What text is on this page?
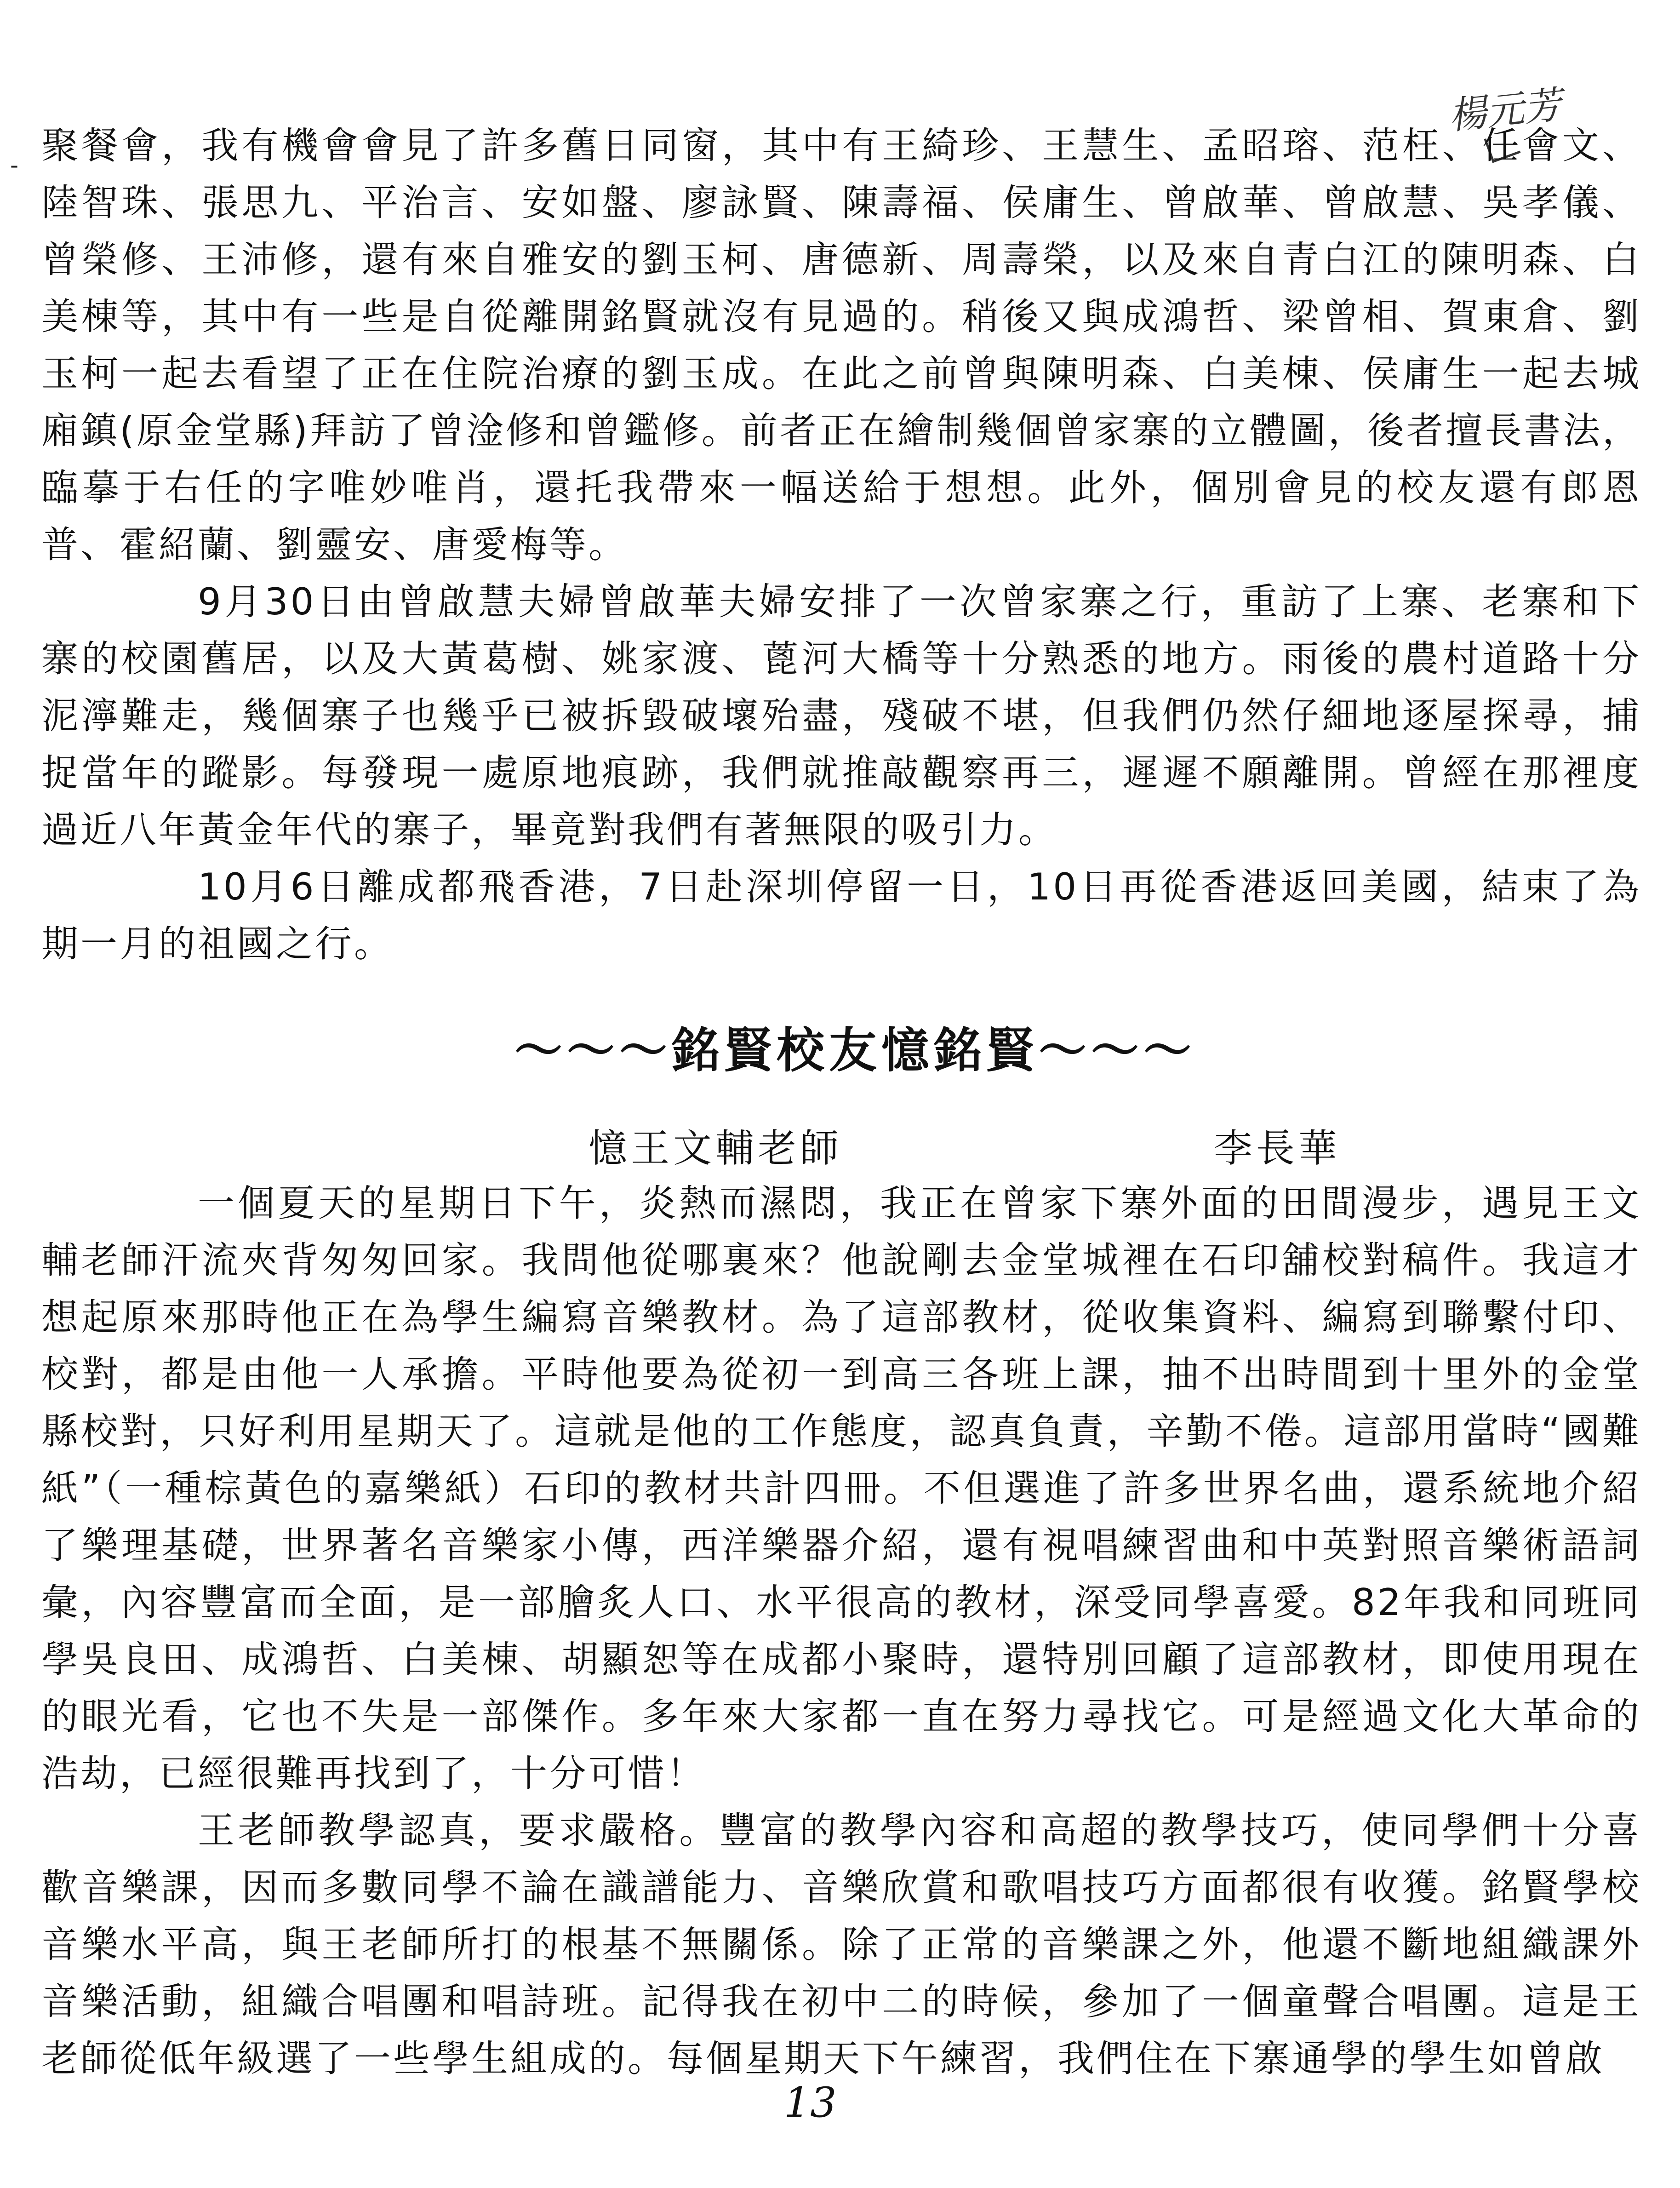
-
楊元芳

聚餐會，我有機會會見了許多舊日同窗，其中有王綺珍、王慧生、孟昭瑢、范枉、任會文、陸智珠、張思九、平治言、安如盤、廖詠賢、陳壽福、侯庸生、曾啟華、曾啟慧、吳孝儀、曾榮修、王沛修，還有來自雅安的劉玉柯、唐德新、周壽榮，以及來自青白江的陳明森、白美棟等，其中有一些是自從離開銘賢就沒有見過的。稍後又與成鴻哲、梁曾相、賀東倉、劉玉柯一起去看望了正在住院治療的劉玉成。在此之前曾與陳明森、白美棟、侯庸生一起去城廂鎮(原金堂縣)拜訪了曾淦修和曾鑑修。前者正在繪制幾個曾家寨的立體圖，後者擅長書法，臨摹于右任的字唯妙唯肖，還托我帶來一幅送給于想想。此外，個別會見的校友還有郎恩普、霍紹蘭、劉靈安、唐愛梅等。

9月30日由曾啟慧夫婦曾啟華夫婦安排了一次曾家寨之行，重訪了上寨、老寨和下寨的校園舊居，以及大黃葛樹、姚家渡、蓖河大橋等十分熟悉的地方。雨後的農村道路十分泥濘難走，幾個寨子也幾乎已被拆毀破壞殆盡，殘破不堪，但我們仍然仔細地逐屋探尋，捕捉當年的蹤影。每發現一處原地痕跡，我們就推敲觀察再三，遲遲不願離開。曾經在那裡度過近八年黃金年代的寨子，畢竟對我們有著無限的吸引力。

10月6日離成都飛香港，7日赴深圳停留一日，10日再從香港返回美國，結束了為期一月的祖國之行。

～～～銘賢校友憶銘賢～～～
憶王文輔老師	李長華

一個夏天的星期日下午，炎熱而濕悶，我正在曾家下寨外面的田間漫步，遇見王文輔老師汗流夾背匆匆回家。我問他從哪裏來？他說剛去金堂城裡在石印舖校對稿件。我這才想起原來那時他正在為學生編寫音樂教材。為了這部教材，從收集資料、編寫到聯繫付印、校對，都是由他一人承擔。平時他要為從初一到高三各班上課，抽不出時間到十里外的金堂縣校對，只好利用星期天了。這就是他的工作態度，認真負責，辛勤不倦。這部用當時“國難紙”（一種棕黃色的嘉樂紙）石印的教材共計四冊。不但選進了許多世界名曲，還系統地介紹了樂理基礎，世界著名音樂家小傳，西洋樂器介紹，還有視唱練習曲和中英對照音樂術語詞彙，內容豐富而全面，是一部膾炙人口、水平很高的教材，深受同學喜愛。82年我和同班同學吳良田、成鴻哲、白美棟、胡顯恕等在成都小聚時，還特別回顧了這部教材，即使用現在的眼光看，它也不失是一部傑作。多年來大家都一直在努力尋找它。可是經過文化大革命的浩劫，已經很難再找到了，十分可惜！

王老師教學認真，要求嚴格。豐富的教學內容和高超的教學技巧，使同學們十分喜歡音樂課，因而多數同學不論在識譜能力、音樂欣賞和歌唱技巧方面都很有收獲。銘賢學校音樂水平高，與王老師所打的根基不無關係。除了正常的音樂課之外，他還不斷地組織課外音樂活動，組織合唱團和唱詩班。記得我在初中二的時候，參加了一個童聲合唱團。這是王老師從低年級選了一些學生組成的。每個星期天下午練習，我們住在下寨通學的學生如曾啟

13
